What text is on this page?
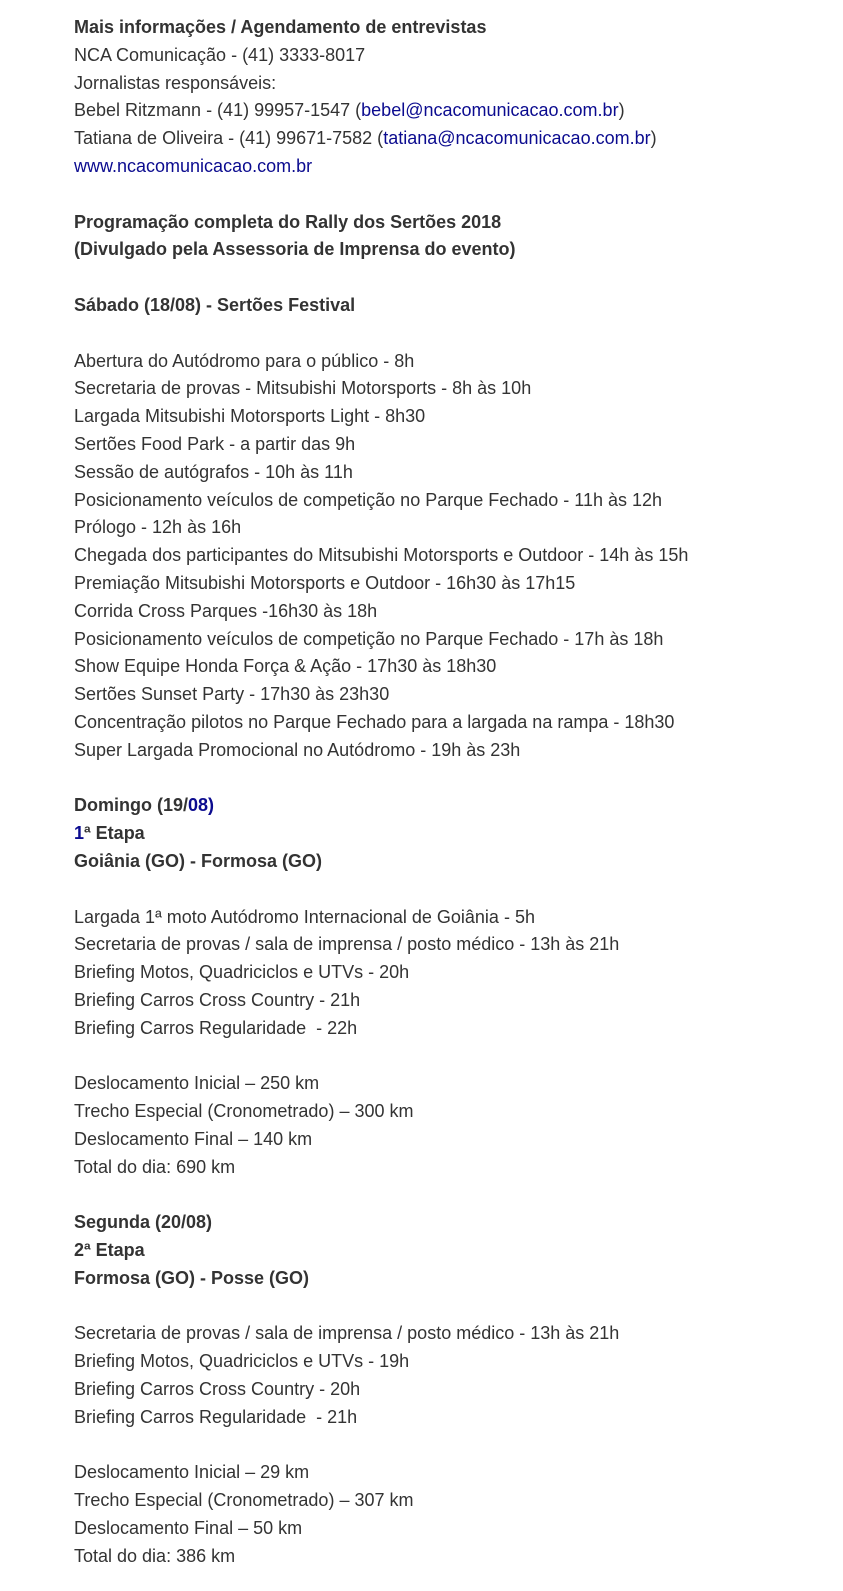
Mais informações / Agendamento de entrevistas
NCA Comunicação - (41) 3333-8017
Jornalistas responsáveis:
Bebel Ritzmann - (41) 99957-1547 (bebel@ncacomunicacao.com.br)
Tatiana de Oliveira - (41) 99671-7582 (tatiana@ncacomunicacao.com.br)
www.ncacomunicacao.com.br
Programação completa do Rally dos Sertões 2018
(Divulgado pela Assessoria de Imprensa do evento)
Sábado (18/08) - Sertões Festival
Abertura do Autódromo para o público - 8h
Secretaria de provas - Mitsubishi Motorsports - 8h às 10h
Largada Mitsubishi Motorsports Light - 8h30
Sertões Food Park - a partir das 9h
Sessão de autógrafos - 10h às 11h
Posicionamento veículos de competição no Parque Fechado - 11h às 12h
Prólogo - 12h às 16h
Chegada dos participantes do Mitsubishi Motorsports e Outdoor - 14h às 15h
Premiação Mitsubishi Motorsports e Outdoor - 16h30 às 17h15
Corrida Cross Parques -16h30 às 18h
Posicionamento veículos de competição no Parque Fechado - 17h às 18h
Show Equipe Honda Força & Ação - 17h30 às 18h30
Sertões Sunset Party - 17h30 às 23h30
Concentração pilotos no Parque Fechado para a largada na rampa - 18h30
Super Largada Promocional no Autódromo - 19h às 23h
Domingo (19/08)
1ª Etapa
Goiânia (GO) - Formosa (GO)
Largada 1ª moto Autódromo Internacional de Goiânia - 5h
Secretaria de provas / sala de imprensa / posto médico - 13h às 21h
Briefing Motos, Quadriciclos e UTVs - 20h
Briefing Carros Cross Country - 21h
Briefing Carros Regularidade  - 22h
Deslocamento Inicial – 250 km
Trecho Especial (Cronometrado) – 300 km
Deslocamento Final – 140 km
Total do dia: 690 km
Segunda (20/08)
2ª Etapa
Formosa (GO) - Posse (GO)
Secretaria de provas / sala de imprensa / posto médico - 13h às 21h
Briefing Motos, Quadriciclos e UTVs - 19h
Briefing Carros Cross Country - 20h
Briefing Carros Regularidade  - 21h
Deslocamento Inicial – 29 km
Trecho Especial (Cronometrado) – 307 km
Deslocamento Final – 50 km
Total do dia: 386 km
